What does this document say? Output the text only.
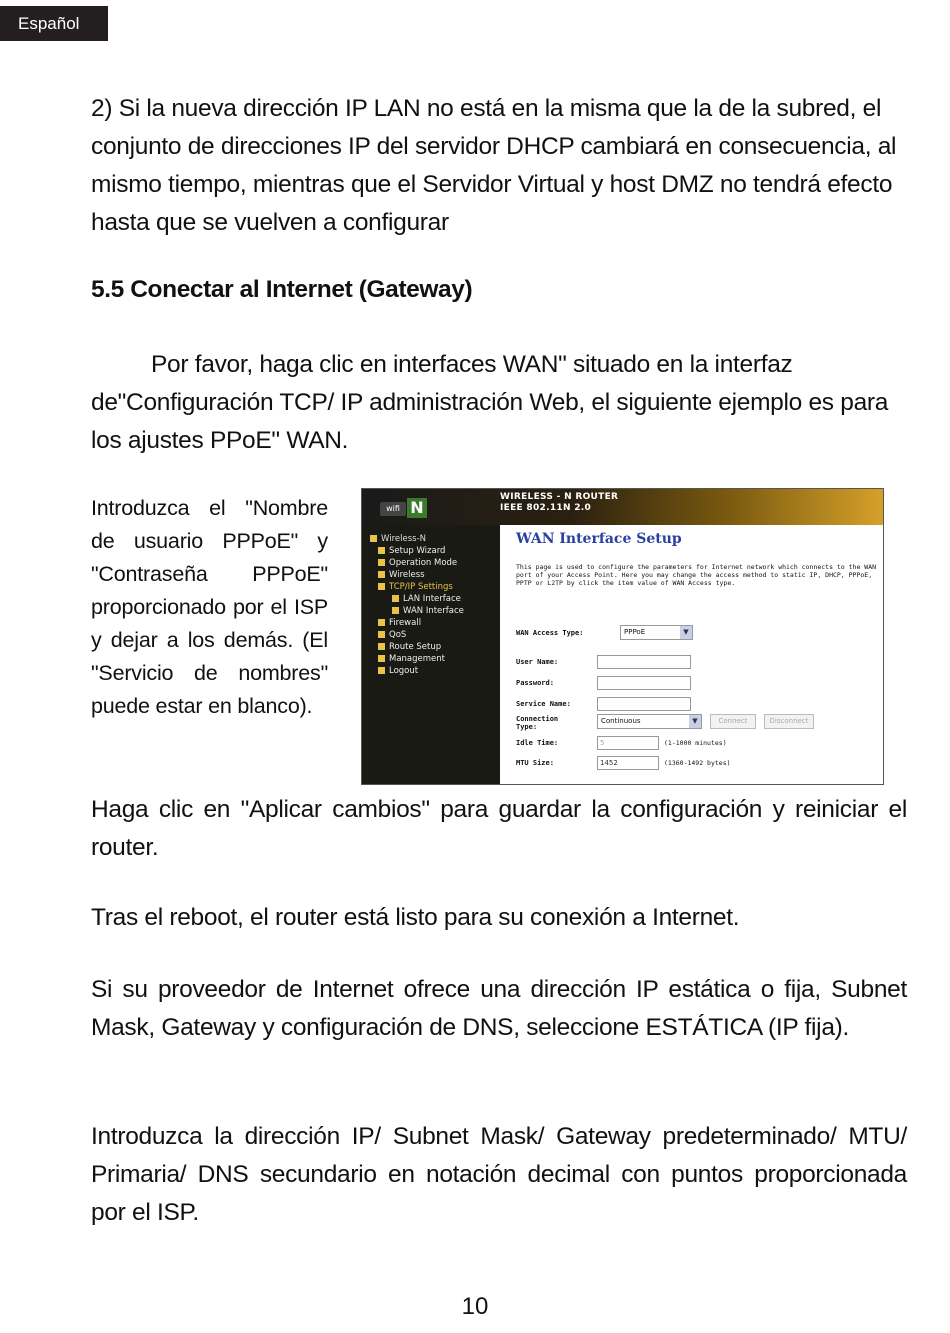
Español

2) Si la nueva dirección IP LAN no está en la misma que la de la subred, el conjunto de direcciones IP del servidor DHCP cambiará en consecuencia, al mismo tiempo, mientras que el Servidor Virtual y host DMZ no tendrá efecto hasta que se vuelven a configurar

5.5 Conectar al Internet (Gateway)

Por favor, haga clic en interfaces WAN" situado en la interfaz de"Configuración TCP/ IP administración Web, el siguiente ejemplo es para los ajustes PPoE" WAN.

Introduzca el "Nombre de usuario PPPoE" y "Contraseña PPPoE" proporcionado por el ISP y dejar a los demás. (El "Servicio de nombres" puede estar en blanco).

wifi N
WIRELESS - N ROUTER
IEEE 802.11N 2.0
Wireless-N
Setup Wizard
Operation Mode
Wireless
TCP/IP Settings
LAN Interface
WAN Interface
Firewall
QoS
Route Setup
Management
Logout
WAN Interface Setup
This page is used to configure the parameters for Internet network which connects to the WAN port of your Access Point. Here you may change the access method to static IP, DHCP, PPPoE, PPTP or L2TP by click the item value of WAN Access type.
WAN Access Type:	PPPoE	▼
User Name:
Password:
Service Name:
Connection
Type:
Continuous	▼	Connect	Disconnect
Idle Time:	5	(1-1000 minutes)
MTU Size:	1452	(1360-1492 bytes)

Haga clic en "Aplicar cambios" para guardar la configuración y reiniciar el router.

Tras el reboot, el router está listo para su conexión a Internet.

Si su proveedor de Internet ofrece una dirección IP estática o fija, Subnet Mask, Gateway y configuración de DNS, seleccione ESTÁTICA (IP fija).

Introduzca la dirección IP/ Subnet Mask/ Gateway predeterminado/ MTU/ Primaria/ DNS secundario en notación decimal con puntos proporcionada por el ISP.

10
